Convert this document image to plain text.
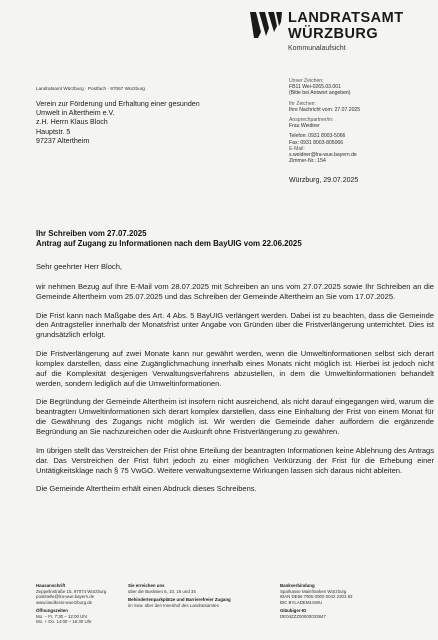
LANDRATSAMT
WÜRZBURG
Kommunalaufsicht
Landratsamt Würzburg · Postfach · 97067 Würzburg
Verein zur Förderung und Erhaltung einer gesunden
Umwelt in Altertheim e.V.
z.H. Herrn Klaus Bloch
Hauptstr. 5
97237 Altertheim
Unser Zeichen:
FB11 Wei-0265.03.001
(Bitte bei Antwort angeben)
Ihr Zeichen:
Ihre Nachricht vom: 27.07.2025
Ansprechpartner/in:
Frau Weidner
Telefon: 0931 8003-5066
Fax: 0931 8003-805066
E-Mail:
s.weidner@lra-wue.bayern.de
Zimmer-Nr.: 154
Würzburg, 29.07.2025
Ihr Schreiben vom 27.07.2025
Antrag auf Zugang zu Informationen nach dem BayUIG vom 22.06.2025

Sehr geehrter Herr Bloch,

wir nehmen Bezug auf Ihre E-Mail vom 28.07.2025 mit Schreiben an uns vom 27.07.2025 sowie Ihr Schreiben an die Gemeinde Altertheim vom 25.07.2025 und das Schreiben der Gemeinde Altertheim an Sie vom 17.07.2025.

Die Frist kann nach Maßgabe des Art. 4 Abs. 5 BayUIG verlängert werden. Dabei ist zu beachten, dass die Gemeinde den Antragsteller innerhalb der Monatsfrist unter Angabe von Gründen über die Fristverlängerung unterrichtet. Dies ist grundsätzlich erfolgt.

Die Fristverlängerung auf zwei Monate kann nur gewährt werden, wenn die Umweltinformationen selbst sich derart komplex darstellen, dass eine Zugänglichmachung innerhalb eines Monats nicht möglich ist. Hierbei ist jedoch nicht auf die Komplexität desjenigen Verwaltungsverfahrens abzustellen, in dem die Umweltinformationen behandelt werden, sondern lediglich auf die Umweltinformationen.

Die Begründung der Gemeinde Altertheim ist insofern nicht ausreichend, als nicht darauf eingegangen wird, warum die beantragten Umweltinformationen sich derart komplex darstellen, dass eine Einhaltung der Frist von einem Monat für die Gewährung des Zugangs nicht möglich ist. Wir werden die Gemeinde daher auffordern die ergänzende Begründung an Sie nachzureichen oder die Auskunft ohne Fristverlängerung zu gewähren.

Im übrigen stellt das Verstreichen der Frist ohne Erteilung der beantragten Informationen keine Ablehnung des Antrags dar. Das Verstreichen der Frist führt jedoch zu einer möglichen Verkürzung der Frist für die Erhebung einer Untätigkeitsklage nach § 75 VwGO. Weitere verwaltungsexterne Wirkungen lassen sich daraus nicht ableiten.

Die Gemeinde Altertheim erhält einen Abdruck dieses Schreibens.

Hausanschrift
Zeppelinstraße 15, 97074 Würzburg
poststelle@lra-wue.bayern.de
www.landkreis-wuerzburg.de
Öffnungszeiten
Mo. – Fr. 7:30 – 12:00 Uhr
Mo. + Do. 14:00 – 16:30 Uhr
Sie erreichen uns
über die Buslinien 6, 10, 16 und 34
Behindertenparkplätze und Barrierefreier Zugang
im Sow. über den Innenhof des Landratsamtes
Bankverbindung
Sparkasse Mainfranken Würzburg
IBAN DE56 7905 0000 0042 2303 83
BIC BYLADEM1SWU
Gläubiger-ID
DE04ZZZ00000033847
